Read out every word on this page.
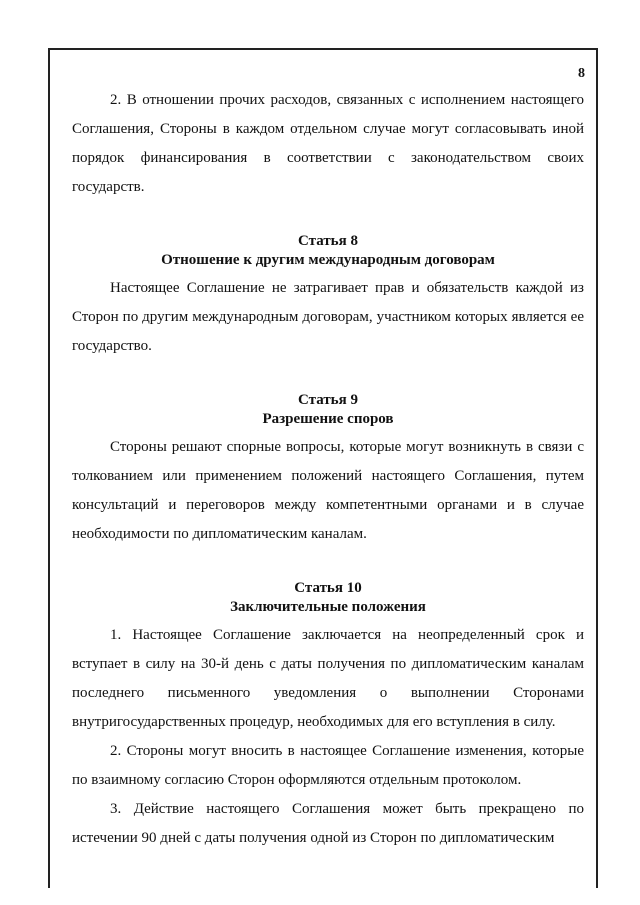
8

2. В отношении прочих расходов, связанных с исполнением настоящего Соглашения, Стороны в каждом отдельном случае могут согласовывать иной порядок финансирования в соответствии с законодательством своих государств.

Статья 8

Отношение к другим международным договорам

Настоящее Соглашение не затрагивает прав и обязательств каждой из Сторон по другим международным договорам, участником которых является ее государство.

Статья 9

Разрешение споров

Стороны решают спорные вопросы, которые могут возникнуть в связи с толкованием или применением положений настоящего Соглашения, путем консультаций и переговоров между компетентными органами и в случае необходимости по дипломатическим каналам.

Статья 10

Заключительные положения

1. Настоящее Соглашение заключается на неопределенный срок и вступает в силу на 30-й день с даты получения по дипломатическим каналам последнего письменного уведомления о выполнении Сторонами внутригосударственных процедур, необходимых для его вступления в силу.

2. Стороны могут вносить в настоящее Соглашение изменения, которые по взаимному согласию Сторон оформляются отдельным протоколом.

3. Действие настоящего Соглашения может быть прекращено по истечении 90 дней с даты получения одной из Сторон по дипломатическим
